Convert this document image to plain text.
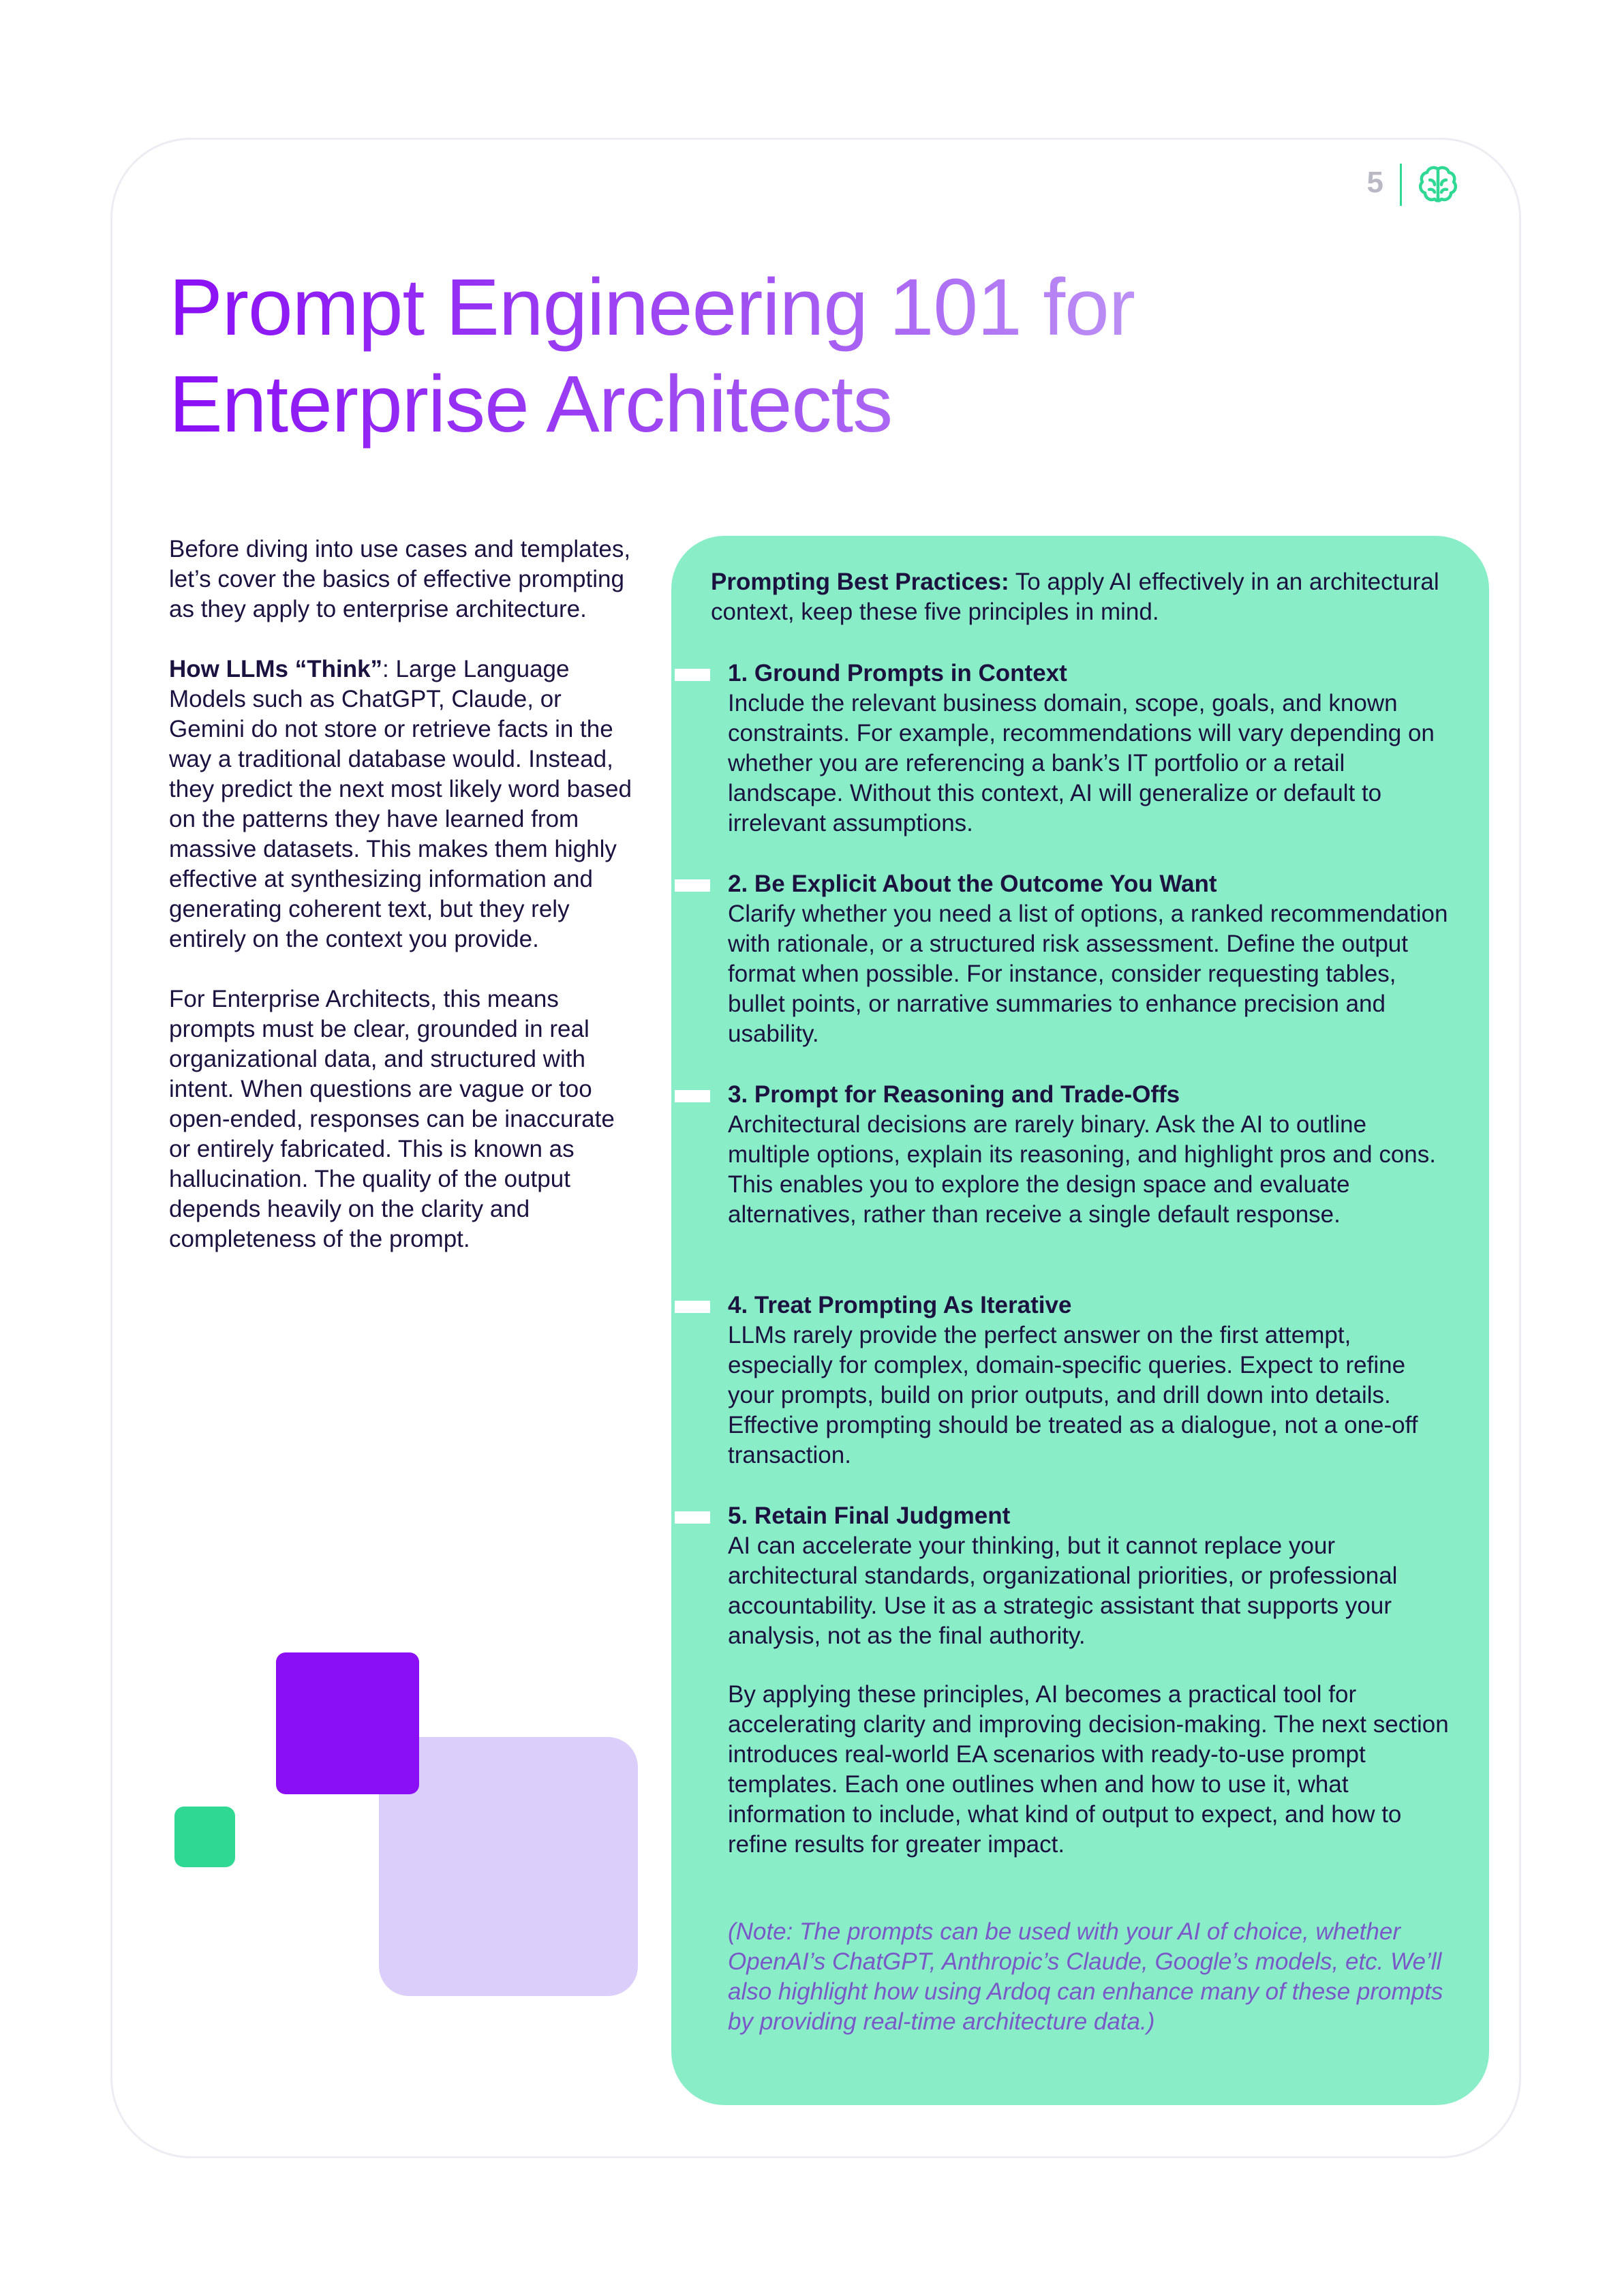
5
Prompt Engineering 101 for
Enterprise Architects

Before diving into use cases and templates, let’s cover the basics of effective prompting as they apply to enterprise architecture.

How LLMs “Think”: Large Language Models such as ChatGPT, Claude, or Gemini do not store or retrieve facts in the way a traditional database would. Instead, they predict the next most likely word based on the patterns they have learned from massive datasets. This makes them highly effective at synthesizing information and generating coherent text, but they rely entirely on the context you provide.

For Enterprise Architects, this means prompts must be clear, grounded in real organizational data, and structured with intent. When questions are vague or too open-ended, responses can be inaccurate or entirely fabricated. This is known as hallucination. The quality of the output depends heavily on the clarity and completeness of the prompt.

Prompting Best Practices: To apply AI effectively in an architectural context, keep these five principles in mind.

1. Ground Prompts in Context

Include the relevant business domain, scope, goals, and known constraints. For example, recommendations will vary depending on whether you are referencing a bank’s IT portfolio or a retail landscape. Without this context, AI will generalize or default to irrelevant assumptions.

2. Be Explicit About the Outcome You Want

Clarify whether you need a list of options, a ranked recommendation with rationale, or a structured risk assessment. Define the output format when possible. For instance, consider requesting tables, bullet points, or narrative summaries to enhance precision and usability.

3. Prompt for Reasoning and Trade-Offs

Architectural decisions are rarely binary. Ask the AI to outline multiple options, explain its reasoning, and highlight pros and cons. This enables you to explore the design space and evaluate alternatives, rather than receive a single default response.

4. Treat Prompting As Iterative

LLMs rarely provide the perfect answer on the first attempt, especially for complex, domain-specific queries. Expect to refine your prompts, build on prior outputs, and drill down into details. Effective prompting should be treated as a dialogue, not a one-off transaction.

5. Retain Final Judgment

AI can accelerate your thinking, but it cannot replace your architectural standards, organizational priorities, or professional accountability. Use it as a strategic assistant that supports your analysis, not as the final authority.

By applying these principles, AI becomes a practical tool for accelerating clarity and improving decision-making. The next section introduces real-world EA scenarios with ready-to-use prompt templates. Each one outlines when and how to use it, what information to include, what kind of output to expect, and how to refine results for greater impact.

(Note: The prompts can be used with your AI of choice, whether OpenAI’s ChatGPT, Anthropic’s Claude, Google’s models, etc. We’ll also highlight how using Ardoq can enhance many of these prompts by providing real-time architecture data.)
